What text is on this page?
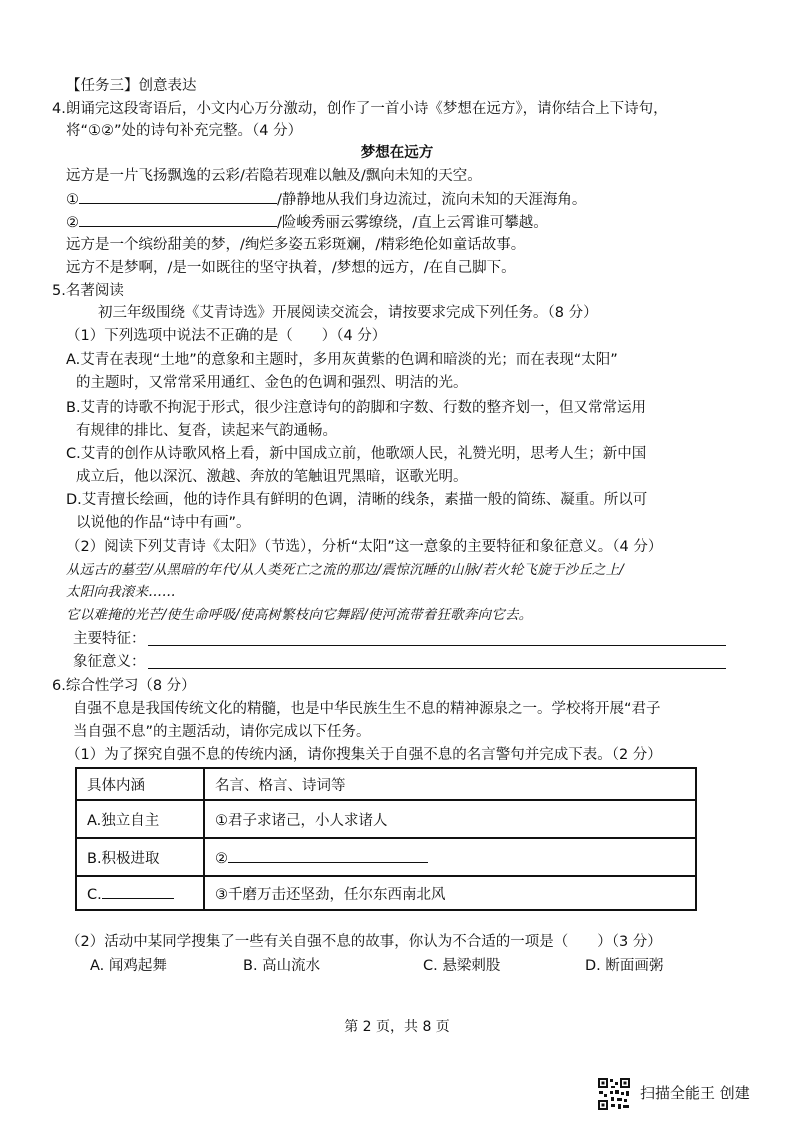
【任务三】创意表达
4.朗诵完这段寄语后，小文内心万分激动，创作了一首小诗《梦想在远方》，请你结合上下诗句，
将“①②”处的诗句补充完整。（4 分）
梦想在远方
远方是一片飞扬飘逸的云彩/若隐若现难以触及/飘向未知的天空。
①	/静静地从我们身边流过，流向未知的天涯海角。
②	/险峻秀丽云雾缭绕，/直上云霄谁可攀越。
远方是一个缤纷甜美的梦，/绚烂多姿五彩斑斓，/精彩绝伦如童话故事。
远方不是梦啊，/是一如既往的坚守执着，/梦想的远方，/在自己脚下。
5.名著阅读
初三年级围绕《艾青诗选》开展阅读交流会，请按要求完成下列任务。（8 分）
（1）下列选项中说法不正确的是（　　）（4 分）
A.艾青在表现“土地”的意象和主题时，多用灰黄紫的色调和暗淡的光；而在表现“太阳”
的主题时，又常常采用通红、金色的色调和强烈、明洁的光。
B.艾青的诗歌不拘泥于形式，很少注意诗句的韵脚和字数、行数的整齐划一，但又常常运用
有规律的排比、复沓，读起来气韵通畅。
C.艾青的创作从诗歌风格上看，新中国成立前，他歌颂人民，礼赞光明，思考人生；新中国
成立后，他以深沉、激越、奔放的笔触诅咒黑暗，讴歌光明。
D.艾青擅长绘画，他的诗作具有鲜明的色调，清晰的线条，素描一般的简练、凝重。所以可
以说他的作品“诗中有画”。
（2）阅读下列艾青诗《太阳》（节选），分析“太阳”这一意象的主要特征和象征意义。（4 分）
从远古的墓茔/从黑暗的年代/从人类死亡之流的那边/震惊沉睡的山脉/若火轮飞旋于沙丘之上/
太阳向我滚来……
它以难掩的光芒/使生命呼吸/使高树繁枝向它舞蹈/使河流带着狂歌奔向它去。
主要特征：
象征意义：
6.综合性学习（8 分）
自强不息是我国传统文化的精髓，也是中华民族生生不息的精神源泉之一。学校将开展“君子
当自强不息”的主题活动，请你完成以下任务。
（1）为了探究自强不息的传统内涵，请你搜集关于自强不息的名言警句并完成下表。（2 分）
具体内涵	名言、格言、诗词等
A.独立自主	①君子求诸己，小人求诸人
B.积极进取	②
C.	③千磨万击还坚劲，任尔东西南北风
（2）活动中某同学搜集了一些有关自强不息的故事，你认为不合适的一项是（　　）（3 分）
A. 闻鸡起舞	B. 高山流水	C. 悬梁刺股	D. 断面画粥
第 2 页，共 8 页
扫描全能王 创建
